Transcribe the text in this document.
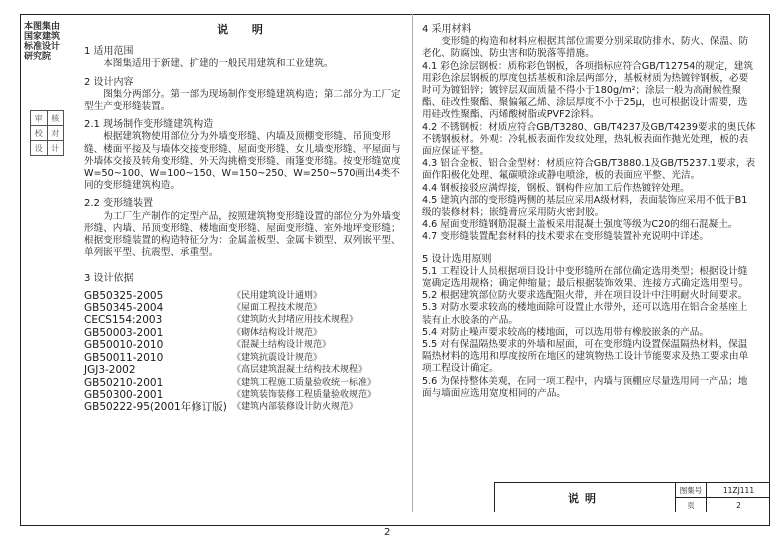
本图集由国家建筑标准设计研究院
审	核
校	对
设	计
说 明
1 适用范围
本图集适用于新建、扩建的一般民用建筑和工业建筑。
2 设计内容
图集分两部分。第一部为现场制作变形缝建筑构造；第二部分为工厂定型生产变形缝装置。
2.1 现场制作变形缝建筑构造
根据建筑物使用部位分为外墙变形缝、内墙及顶棚变形缝、吊顶变形缝、楼面平接及与墙体交接变形缝、屋面变形缝、女儿墙变形缝、平屋面与外墙体交接及转角变形缝、外天沟挑檐变形缝、雨篷变形缝。按变形缝宽度W=50~100、W=100~150、W=150~250、W=250~570画出4类不同的变形缝建筑构造。
2.2 变形缝装置
为工厂生产制作的定型产品，按照建筑物变形缝设置的部位分为外墙变形缝、内墙、吊顶变形缝、楼地面变形缝、屋面变形缝、室外地坪变形缝；根据变形缝装置的构造特征分为：金属盖板型、金属卡锁型、双列嵌平型、单列嵌平型、抗震型、承重型。
3 设计依据
GB50325-2005	《民用建筑设计通则》
GB50345-2004	《屋面工程技术规范》
CECS154:2003	《建筑防火封堵应用技术规程》
GB50003-2001	《砌体结构设计规范》
GB50010-2010	《混凝土结构设计规范》
GB50011-2010	《建筑抗震设计规范》
JGJ3-2002	《高层建筑混凝土结构技术规程》
GB50210-2001	《建筑工程施工质量验收统一标准》
GB50300-2001	《建筑装饰装修工程质量验收规范》
GB50222-95(2001年修订版) 《建筑内部装修设计防火规范》
4 采用材料
变形缝的构造和材料应根据其部位需要分别采取防排水、防火、保温、防老化、防腐蚀、防虫害和防脱落等措施。
4.1 彩色涂层钢板：质称彩色钢板，各项指标应符合GB/T12754的规定，建筑用彩色涂层钢板的厚度包括基板和涂层两部分，基板材质为热镀锌钢板，必要时可为镀铝锌；镀锌层双面质量不得小于180g/m²；涂层一般为高耐候性聚酯、硅改性聚酯、聚偏氟乙烯、涂层厚度不小于25μ，也可根据设计需要，选用硅改性聚酯、丙烯酸树脂或PVF2涂料。
4.2 不锈钢板：材质应符合GB/T3280、GB/T4237及GB/T4239要求的奥氏体不锈钢板材。外观：冷轧板表面作发纹处理，热轧板表面作抛光处理，板的表面应保证平整。
4.3 铝合金板、铝合金型材：材质应符合GB/T3880.1及GB/T5237.1要求，表面作阳极化处理、氟碳喷涂或静电喷涂，板的表面应平整、光洁。
4.4 钢板接驳应满焊接，钢板、钢构件应加工后作热镀锌处理。
4.5 建筑内部的变形缝两侧的基层应采用A级材料，表面装饰应采用不低于B1级的装修材料；嵌缝膏应采用防火密封胶。
4.6 屋面变形缝钢筋混凝土盖板采用混凝土强度等级为C20的细石混凝土。
4.7 变形缝装置配套材料的技术要求在变形缝装置补充说明中详述。
5 设计选用原则
5.1 工程设计人员根据项目设计中变形缝所在部位确定选用类型；根据设计缝宽确定选用规格；确定伸缩量；最后根据装饰效果、连接方式确定选用型号。
5.2 根据建筑部位防火要求选配阻火带，并在项目设计中注明耐火时间要求。
5.3 对防水要求较高的楼地面除可设置止水带外，还可以选用在铝合金基座上装有止水胶条的产品。
5.4 对防止噪声要求较高的楼地面，可以选用带有橡胶嵌条的产品。
5.5 对有保温隔热要求的外墙和屋面，可在变形缝内设置保温隔热材料，保温隔热材料的选用和厚度按所在地区的建筑物热工设计节能要求及热工要求由单项工程设计确定。
5.6 为保持整体美观，在同一项工程中，内墙与顶棚应尽量选用同一产品；地面与墙面应选用宽度相同的产品。
说明
图集号	11ZJ111
页	2
2
